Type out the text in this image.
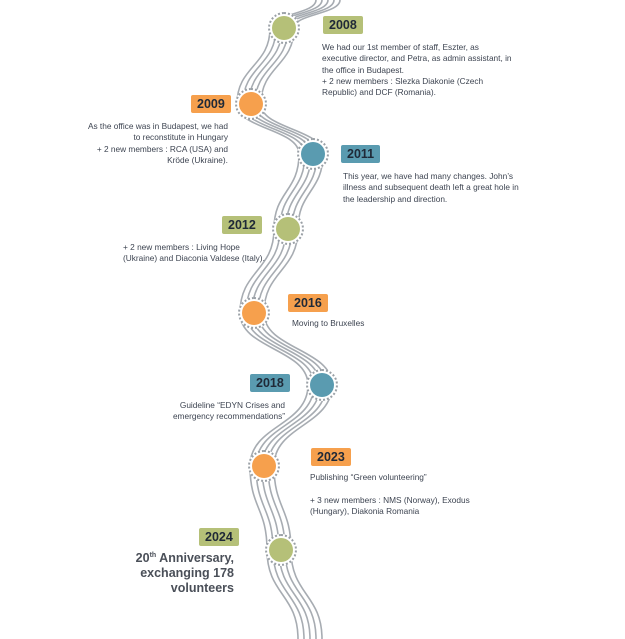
2008
We had our 1st member of staff, Eszter, as executive director, and Petra, as admin assistant, in the office in Budapest.
+ 2 new members : Slezka Diakonie (Czech Republic) and DCF (Romania).
2009
As the office was in Budapest, we had to reconstitute in Hungary
+ 2 new members : RCA (USA) and Kröde (Ukraine).	2011
This year, we have had many changes. John’s illness and subsequent death left a great hole in the leadership and direction.
2012
+ 2 new members : Living Hope (Ukraine) and Diaconia Valdese (Italy).
2016
Moving to Bruxelles
2018
Guideline “EDYN Crises and emergency recommendations”
2023
Publishing “Green volunteering”

+ 3 new members : NMS (Norway), Exodus (Hungary), Diakonia Romania
2024
20th Anniversary, exchanging 178 volunteers
